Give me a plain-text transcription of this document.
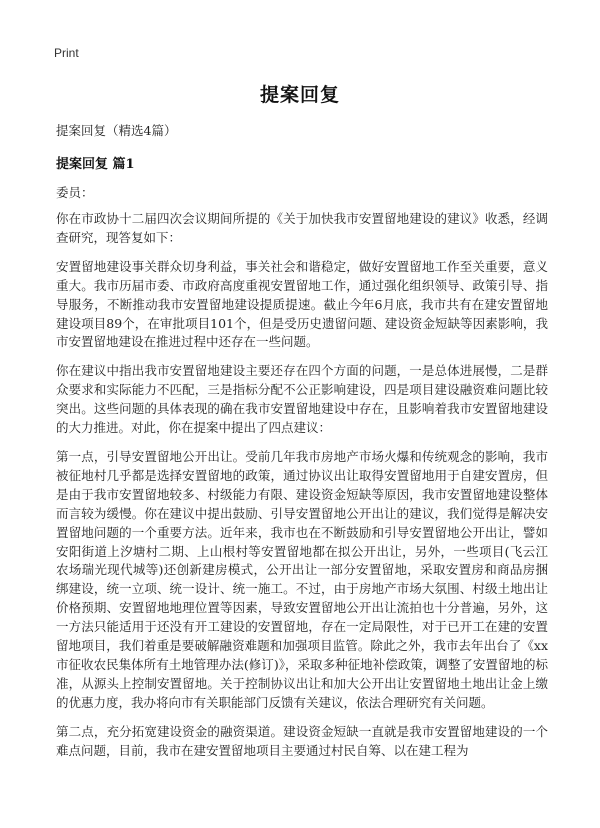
Print
提案回复
提案回复（精选4篇）
提案回复 篇1
委员：

你在市政协十二届四次会议期间所提的《关于加快我市安置留地建设的建议》收悉，经调查研究，现答复如下：

安置留地建设事关群众切身利益，事关社会和谐稳定，做好安置留地工作至关重要，意义重大。我市历届市委、市政府高度重视安置留地工作，通过强化组织领导、政策引导、指导服务，不断推动我市安置留地建设提质提速。截止今年6月底，我市共有在建安置留地建设项目89个，在审批项目101个，但是受历史遗留问题、建设资金短缺等因素影响，我市安置留地建设在推进过程中还存在一些问题。

你在建议中指出我市安置留地建设主要还存在四个方面的问题，一是总体进展慢，二是群众要求和实际能力不匹配，三是指标分配不公正影响建设，四是项目建设融资难问题比较突出。这些问题的具体表现的确在我市安置留地建设中存在，且影响着我市安置留地建设的大力推进。对此，你在提案中提出了四点建议：

第一点，引导安置留地公开出让。受前几年我市房地产市场火爆和传统观念的影响，我市被征地村几乎都是选择安置留地的政策，通过协议出让取得安置留地用于自建安置房，但是由于我市安置留地较多、村级能力有限、建设资金短缺等原因，我市安置留地建设整体而言较为缓慢。你在建议中提出鼓励、引导安置留地公开出让的建议，我们觉得是解决安置留地问题的一个重要方法。近年来，我市也在不断鼓励和引导安置留地公开出让，譬如安阳街道上汐塘村二期、上山根村等安置留地都在拟公开出让，另外，一些项目(飞云江农场瑞光现代城等)还创新建房模式，公开出让一部分安置留地，采取安置房和商品房捆绑建设，统一立项、统一设计、统一施工。不过，由于房地产市场大氛围、村级土地出让价格预期、安置留地地理位置等因素，导致安置留地公开出让流拍也十分普遍，另外，这一方法只能适用于还没有开工建设的安置留地，存在一定局限性，对于已开工在建的安置留地项目，我们着重是要破解融资难题和加强项目监管。除此之外，我市去年出台了《xx市征收农民集体所有土地管理办法(修订)》，采取多种征地补偿政策，调整了安置留地的标准，从源头上控制安置留地。关于控制协议出让和加大公开出让安置留地土地出让金上缴的优惠力度，我办将向市有关职能部门反馈有关建议，依法合理研究有关问题。

第二点，充分拓宽建设资金的融资渠道。建设资金短缺一直就是我市安置留地建设的一个难点问题，目前，我市在建安置留地项目主要通过村民自筹、以在建工程为
